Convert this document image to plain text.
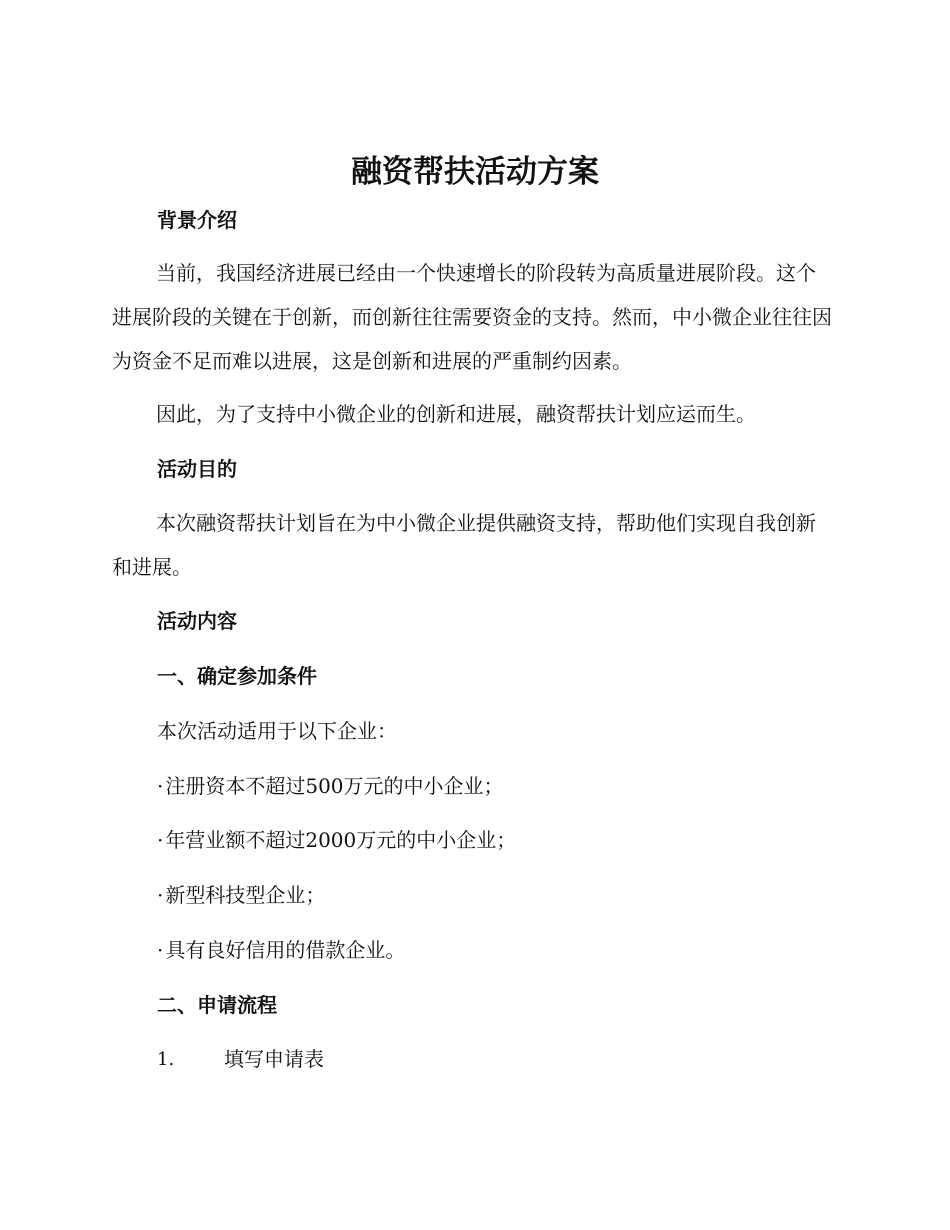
融资帮扶活动方案
背景介绍

当前，我国经济进展已经由一个快速增长的阶段转为高质量进展阶段。这个进展阶段的关键在于创新，而创新往往需要资金的支持。然而，中小微企业往往因为资金不足而难以进展，这是创新和进展的严重制约因素。

因此，为了支持中小微企业的创新和进展，融资帮扶计划应运而生。

活动目的

本次融资帮扶计划旨在为中小微企业提供融资支持，帮助他们实现自我创新和进展。

活动内容
一、确定参加条件

本次活动适用于以下企业：

· 注册资本不超过500万元的中小企业；

· 年营业额不超过2000万元的中小企业；

· 新型科技型企业；

· 具有良好信用的借款企业。

二、申请流程
1. 填写申请表
